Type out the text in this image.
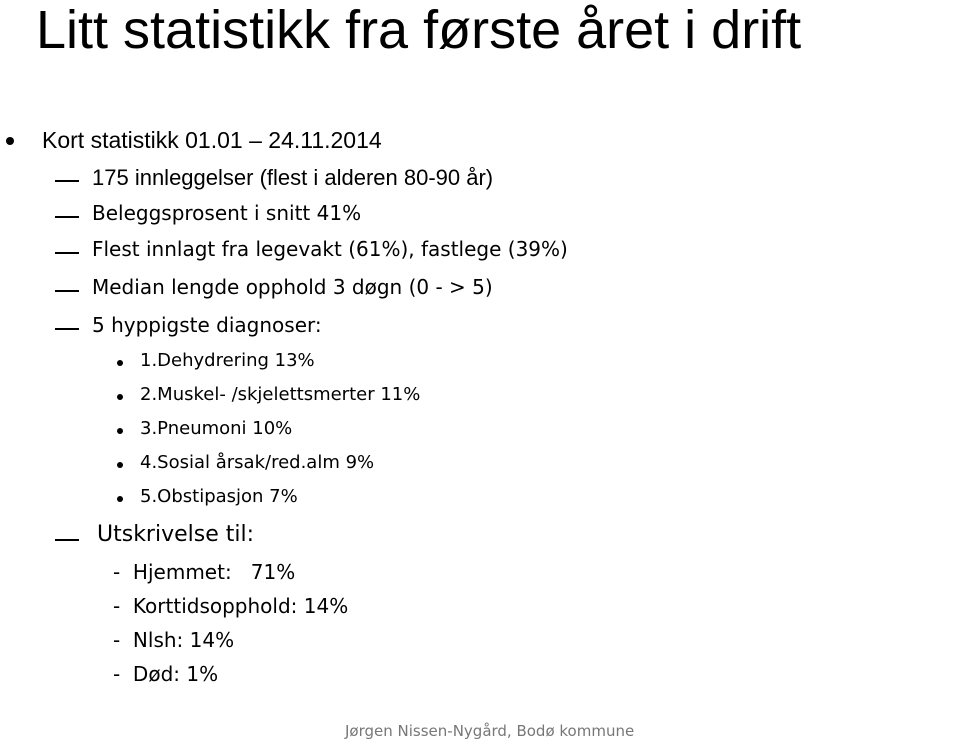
Litt statistikk fra første året i drift
Kort statistikk 01.01 – 24.11.2014
175 innleggelser (flest i alderen 80-90 år)
Beleggsprosent i snitt 41%
Flest innlagt fra legevakt (61%), fastlege (39%)
Median lengde opphold 3 døgn (0 - > 5)
5 hyppigste diagnoser:
1.Dehydrering 13%
2.Muskel- /skjelettsmerter 11%
3.Pneumoni 10%
4.Sosial årsak/red.alm 9%
5.Obstipasjon 7%
Utskrivelse til:
-  Hjemmet:   71%
-  Korttidsopphold: 14%
-  Nlsh: 14%
-  Død: 1%
Jørgen Nissen-Nygård, Bodø kommune
